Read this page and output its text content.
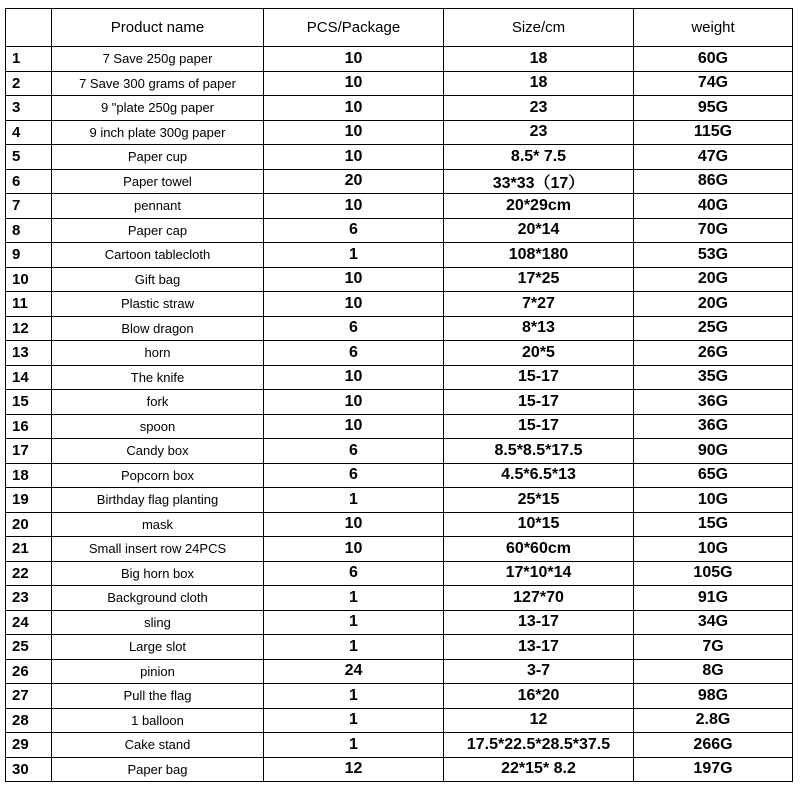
	Product name	PCS/Package	Size/cm	weight
1	7 Save 250g paper	10	18	60G
2	7 Save 300 grams of paper	10	18	74G
3	9 "plate 250g paper	10	23	95G
4	9 inch plate 300g paper	10	23	115G
5	Paper cup	10	8.5* 7.5	47G
6	Paper towel	20	33*33（17）	86G
7	pennant	10	20*29cm	40G
8	Paper cap	6	20*14	70G
9	Cartoon tablecloth	1	108*180	53G
10	Gift bag	10	17*25	20G
11	Plastic straw	10	7*27	20G
12	Blow dragon	6	8*13	25G
13	horn	6	20*5	26G
14	The knife	10	15-17	35G
15	fork	10	15-17	36G
16	spoon	10	15-17	36G
17	Candy box	6	8.5*8.5*17.5	90G
18	Popcorn box	6	4.5*6.5*13	65G
19	Birthday flag planting	1	25*15	10G
20	mask	10	10*15	15G
21	Small insert row 24PCS	10	60*60cm	10G
22	Big horn box	6	17*10*14	105G
23	Background cloth	1	127*70	91G
24	sling	1	13-17	34G
25	Large slot	1	13-17	7G
26	pinion	24	3-7	8G
27	Pull the flag	1	16*20	98G
28	1 balloon	1	12	2.8G
29	Cake stand	1	17.5*22.5*28.5*37.5	266G
30	Paper bag	12	22*15* 8.2	197G
